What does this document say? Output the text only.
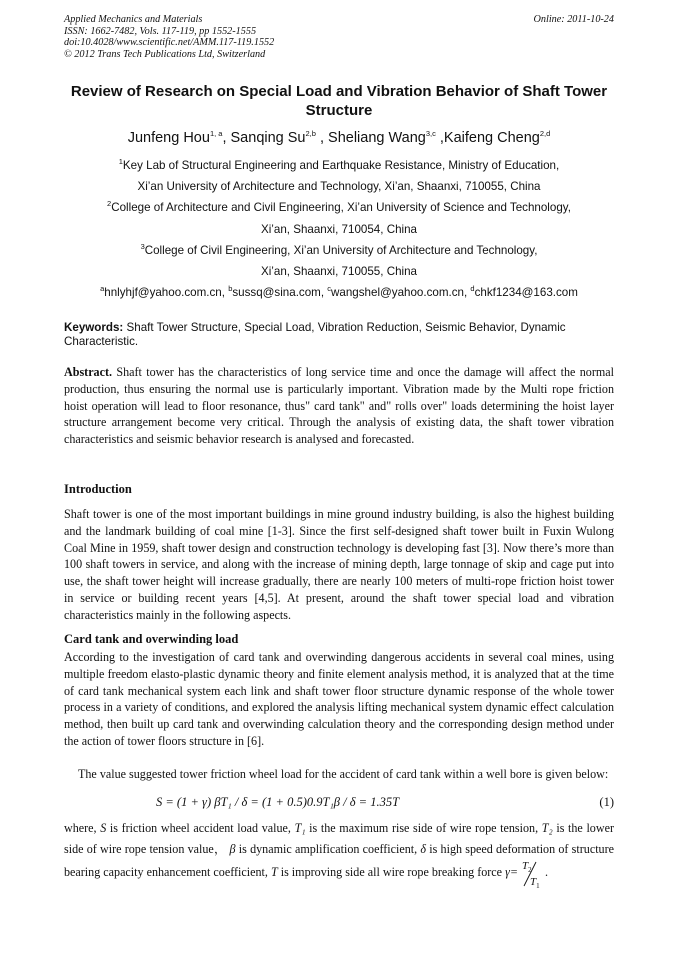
Applied Mechanics and Materials
ISSN: 1662-7482, Vols. 117-119, pp 1552-1555
doi:10.4028/www.scientific.net/AMM.117-119.1552
© 2012 Trans Tech Publications Ltd, Switzerland
Online: 2011-10-24
Review of Research on Special Load and Vibration Behavior of Shaft Tower Structure
Junfeng Hou$^{1, a}$, Sanqing Su$^{2,b}$ , Sheliang Wang$^{3,c}$ ,Kaifeng Cheng$^{2,d}$
$^1$Key Lab of Structural Engineering and Earthquake Resistance, Ministry of Education,
Xi’an University of Architecture and Technology, Xi’an, Shaanxi, 710055, China
$^2$College of Architecture and Civil Engineering, Xi’an University of Science and Technology,
Xi’an, Shaanxi, 710054, China
$^3$College of Civil Engineering, Xi’an University of Architecture and Technology,
Xi’an, Shaanxi, 710055, China
$^a$hnlyhjf@yahoo.com.cn, $^b$sussq@sina.com, $^c$wangshel@yahoo.com.cn, $^d$chkf1234@163.com
Keywords: Shaft Tower Structure, Special Load, Vibration Reduction, Seismic Behavior, Dynamic Characteristic.
Abstract. Shaft tower has the characteristics of long service time and once the damage will affect the normal production, thus ensuring the normal use is particularly important. Vibration made by the Multi rope friction hoist operation will lead to floor resonance, thus" card tank" and" rolls over" loads determining the hoist layer structure arrangement become very critical. Through the analysis of existing data, the shaft tower vibration characteristics and seismic behavior research is analysed and forecasted.
Introduction
Shaft tower is one of the most important buildings in mine ground industry building, is also the highest building and the landmark building of coal mine [1-3]. Since the first self-designed shaft tower built in Fuxin Wulong Coal Mine in 1959, shaft tower design and construction technology is developing fast [3]. Now there’s more than 100 shaft towers in service, and along with the increase of mining depth, large tonnage of skip and cage put into use, the shaft tower height will increase gradually, there are nearly 100 meters of multi-rope friction hoist tower in service or building recent years [4,5]. At present, around the shaft tower special load and vibration characteristics mainly in the following aspects.
Card tank and overwinding load
According to the investigation of card tank and overwinding dangerous accidents in several coal mines, using multiple freedom elasto-plastic dynamic theory and finite element analysis method, it is analyzed that at the time of card tank mechanical system each link and shaft tower floor structure dynamic response of the whole tower process in a variety of conditions, and explored the analysis lifting mechanical system dynamic effect calculation method, then built up card tank and overwinding calculation theory and the corresponding design method under the action of tower floors structure in [6].
The value suggested tower friction wheel load for the accident of card tank within a well bore is given below:
S = (1 + γ) βT₁ / δ = (1 + 0.5)0.9T₁β / δ = 1.35T	(1)
where, S is friction wheel accident load value, T₁ is the maximum rise side of wire rope tension, T₂ is the lower side of wire rope tension value， β is dynamic amplification coefficient, δ is high speed deformation of structure bearing capacity enhancement coefficient, T is improving side all wire rope breaking force $\gamma= T_2$
$T_1$
.
